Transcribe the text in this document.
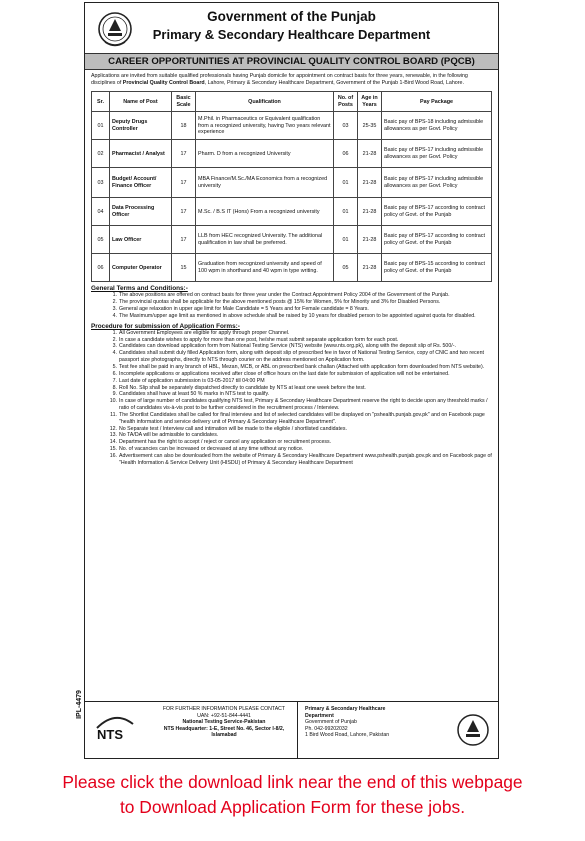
Government of the Punjab
Primary & Secondary Healthcare Department
CAREER OPPORTUNITIES AT PROVINCIAL QUALITY CONTROL BOARD (PQCB)

Applications are invited from suitable qualified professionals having Punjab domicile for appointment on contract basis for three years, renewable, in the following disciplines of Provincial Quality Control Board, Lahore, Primary & Secondary Healthcare Department, Government of the Punjab 1-Bird Wood Road, Lahore.

Sr.	Name of Post	Basic Scale	Qualification	No. of Posts	Age in Years	Pay Package
01	Deputy Drugs Controller	18	M.Phil. in Pharmaceutics or Equivalent qualification from a recognized university, having Two years relevant experience	03	25-35	Basic pay of BPS-18 including admissible allowances as per Govt. Policy
02	Pharmacist / Analyst	17	Pharm. D from a recognized University	06	21-28	Basic pay of BPS-17 including admissible allowances as per Govt. Policy
03	Budget/ Account/ Finance Officer	17	MBA Finance/M.Sc./MA Economics from a recognized university	01	21-28	Basic pay of BPS-17 including admissible allowances as per Govt. Policy
04	Data Processing Officer	17	M.Sc. / B.S IT (Hons) From a recognized university	01	21-28	Basic pay of BPS-17 according to contract policy of Govt. of the Punjab
05	Law Officer	17	LLB from HEC recognized University. The additional qualification in law shall be preferred.	01	21-28	Basic pay of BPS-17 according to contract policy of Govt. of the Punjab
06	Computer Operator	15	Graduation from recognized university and speed of 100 wpm in shorthand and 40 wpm in type writing.	05	21-28	Basic pay of BPS-15 according to contract policy of Govt. of the Punjab
General Terms and Conditions:-
1. The above positions are offered on contract basis for three year under the Contract Appointment Policy 2004 of the Government of the Punjab.
2. The provincial quotas shall be applicable for the above mentioned posts @ 15% for Women, 5% for Minority and 3% for Disabled Persons.
3. General age relaxation in upper age limit for Male Candidate = 5 Years and for Female candidate = 8 Years.
4. The Maximum/upper age limit as mentioned in above schedule shall be raised by 10 years for disabled person to be appointed against quota for disabled.
Procedure for submission of Application Forms:-
1. All Government Employees are eligible for apply through proper Channel.
2. In case a candidate wishes to apply for more than one post, he/she must submit separate application form for each post.
3. Candidates can download application form from National Testing Service (NTS) website (www.nts.org.pk), along with the deposit slip of Rs. 500/-.
4. Candidates shall submit duly filled Application form, along with deposit slip of prescribed fee in favor of National Testing Service, copy of CNIC and two recent passport size photographs, directly to NTS through courier on the address mentioned on Application form.
5. Test fee shall be paid in any branch of HBL, Mezan, MCB, or ABL on prescribed bank challan (Attached with application form downloaded from NTS website).
6. Incomplete applications or applications received after close of office hours on the last date for submission of application will not be entertained.
7. Last date of application submission is 03-05-2017 till 04:00 PM
8. Roll No. Slip shall be separately dispatched directly to candidate by NTS at least one week before the test.
9. Candidates shall have at least 50 % marks in NTS test to qualify.
10. In case of large number of candidates qualifying NTS test, Primary & Secondary Healthcare Department reserve the right to decide upon any threshold marks / ratio of candidates vis-à-vis post to be further considered in the recruitment process / Interview.
11. The Shortlist Candidates shall be called for final interview and list of selected candidates will be displayed on "pshealth.punjab.gov.pk" and on Facebook page "health information and service delivery unit of Primary & Secondary Healthcare Department".
12. No Separate test / Interview call and intimation will be made to the eligible / shortlisted candidates.
13. No TA/DA will be admissible to candidates.
14. Department has the right to accept / reject or cancel any application or recruitment process.
15. No. of vacancies can be increased or decreased at any time without any notice.
16. Advertisement can also be downloaded from the website of Primary & Secondary Healthcare Department www.pshealth.punjab.gov.pk and on Facebook page of "Health Information & Service Delivery Unit (HISDU) of Primary & Secondary Healthcare Department
IPL-4479
NTS
FOR FURTHER INFORMATION PLEASE CONTACT
UAN: +92-51-844-4441
National Testing Service-Pakistan
NTS Headquarter: 1-E, Street No. 46, Sector I-8/2, Islamabad
Primary & Secondary Healthcare Department
Government of Punjab
Ph. 042-99202032
1 Bird Wood Road, Lahore, Pakistan
Please click the download link near the end of this webpage
to Download Application Form for these jobs.
